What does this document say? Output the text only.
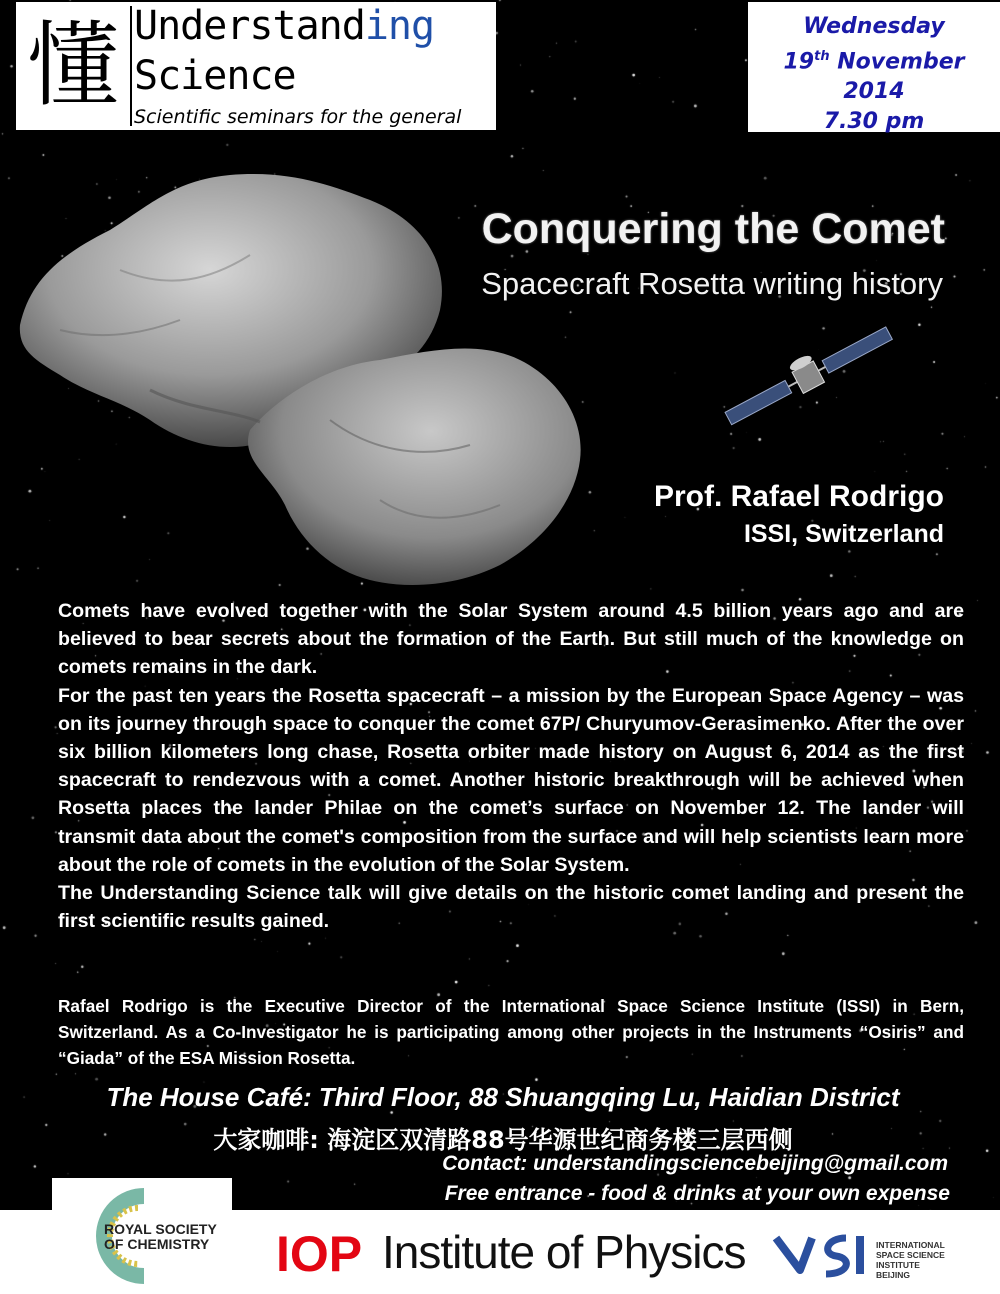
懂 Understanding
Science
Scientific seminars for the general public
Wednesday
19th November
2014
7.30 pm
Conquering the Comet
Spacecraft Rosetta writing history
Prof. Rafael Rodrigo
ISSI, Switzerland

Comets have evolved together with the Solar System around 4.5 billion years ago and are believed to bear secrets about the formation of the Earth. But still much of the knowledge on comets remains in the dark.

For the past ten years the Rosetta spacecraft – a mission by the European Space Agency – was on its journey through space to conquer the comet 67P/ Churyumov-Gerasimenko. After the over six billion kilometers long chase, Rosetta orbiter made history on August 6, 2014 as the first spacecraft to rendezvous with a comet. Another historic breakthrough will be achieved when Rosetta places the lander Philae on the comet’s surface on November 12. The lander will transmit data about the comet's composition from the surface and will help scientists learn more about the role of comets in the evolution of the Solar System.

The Understanding Science talk will give details on the historic comet landing and present the first scientific results gained.

Rafael Rodrigo is the Executive Director of the International Space Science Institute (ISSI) in Bern, Switzerland. As a Co-Investigator he is participating among other projects in the Instruments “Osiris” and “Giada” of the ESA Mission Rosetta.

The House Café: Third Floor, 88 Shuangqing Lu, Haidian District
大家咖啡: 海淀区双清路88号华源世纪商务楼三层西侧
Contact: understandingsciencebeijing@gmail.com
Free entrance - food & drinks at your own expense
ROYAL SOCIETY
OF CHEMISTRY IOP Institute of Physics	INTERNATIONAL
SPACE SCIENCE
INSTITUTE
BEIJING
